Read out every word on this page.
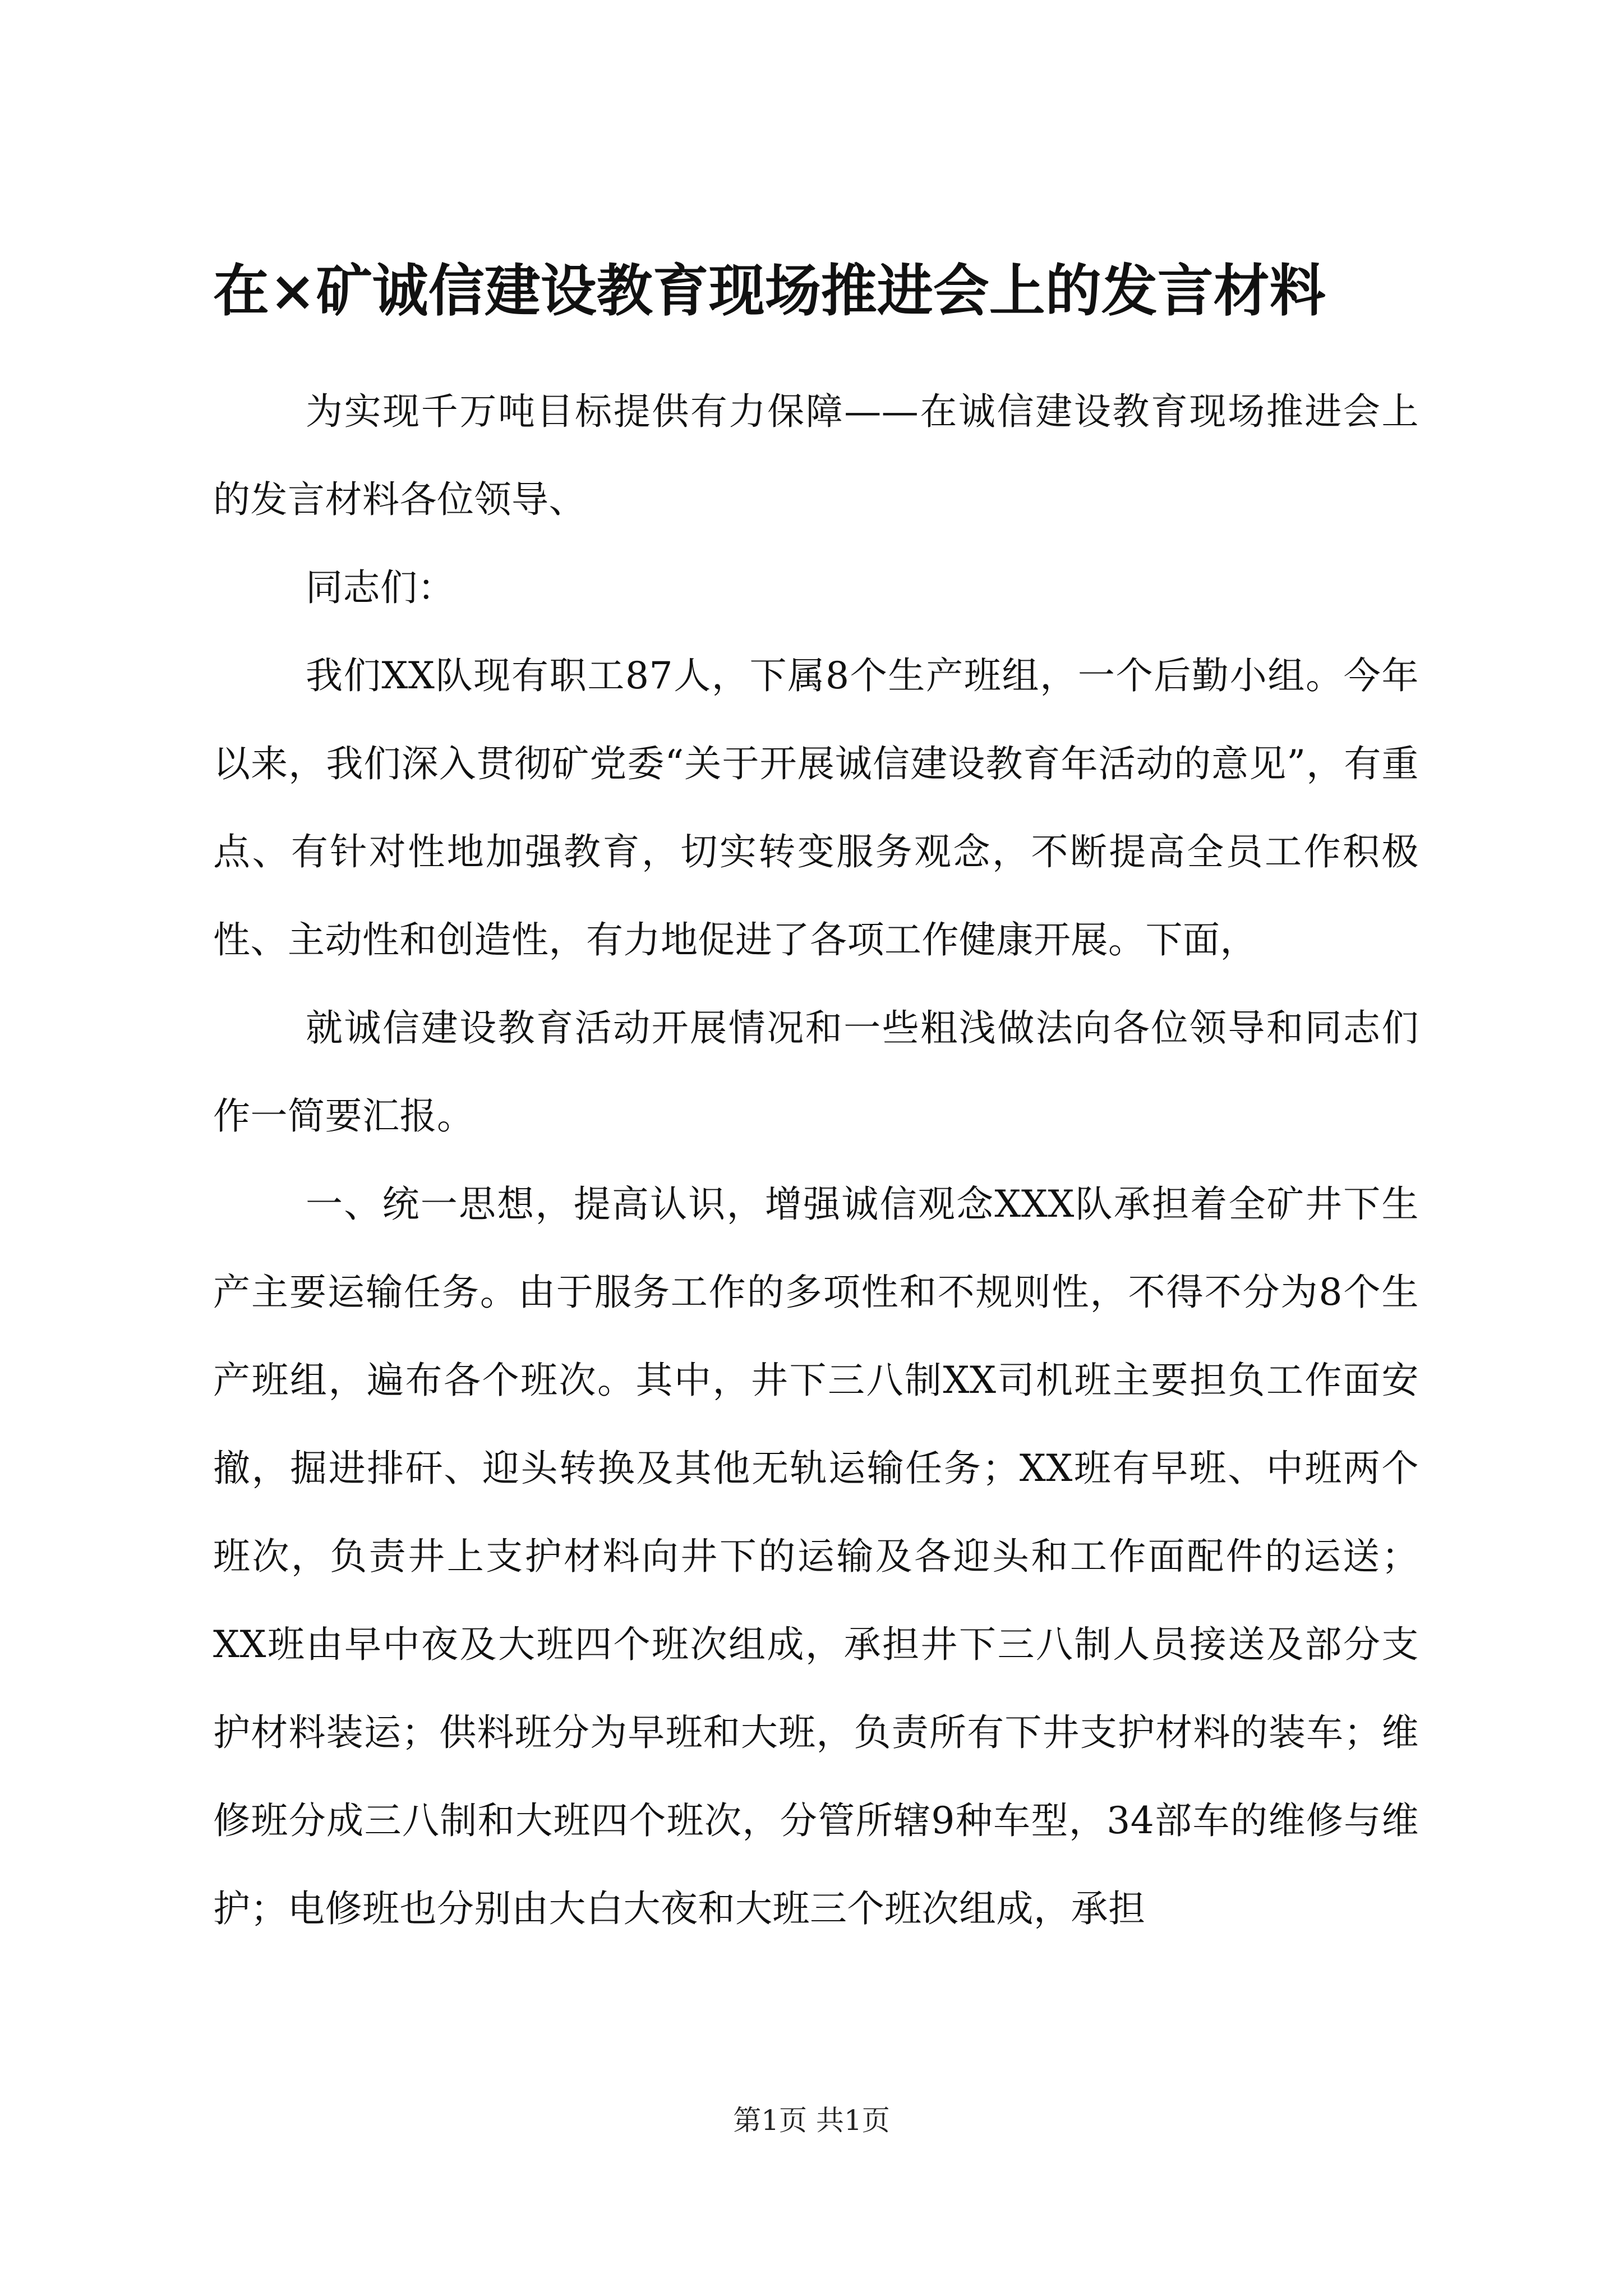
在×矿诚信建设教育现场推进会上的发言材料

为实现千万吨目标提供有力保障——在诚信建设教育现场推进会上的发言材料各位领导、

同志们：

我们XX队现有职工87人，下属8个生产班组，一个后勤小组。今年以来，我们深入贯彻矿党委“关于开展诚信建设教育年活动的意见”，有重点、有针对性地加强教育，切实转变服务观念，不断提高全员工作积极性、主动性和创造性，有力地促进了各项工作健康开展。下面，

就诚信建设教育活动开展情况和一些粗浅做法向各位领导和同志们作一简要汇报。

一、统一思想，提高认识，增强诚信观念XXX队承担着全矿井下生产主要运输任务。由于服务工作的多项性和不规则性，不得不分为8个生产班组，遍布各个班次。其中，井下三八制XX司机班主要担负工作面安撤，掘进排矸、迎头转换及其他无轨运输任务；XX班有早班、中班两个班次，负责井上支护材料向井下的运输及各迎头和工作面配件的运送；XX班由早中夜及大班四个班次组成，承担井下三八制人员接送及部分支护材料装运；供料班分为早班和大班，负责所有下井支护材料的装车；维修班分成三八制和大班四个班次，分管所辖9种车型，34部车的维修与维护；电修班也分别由大白大夜和大班三个班次组成，承担

第1页 共1页
